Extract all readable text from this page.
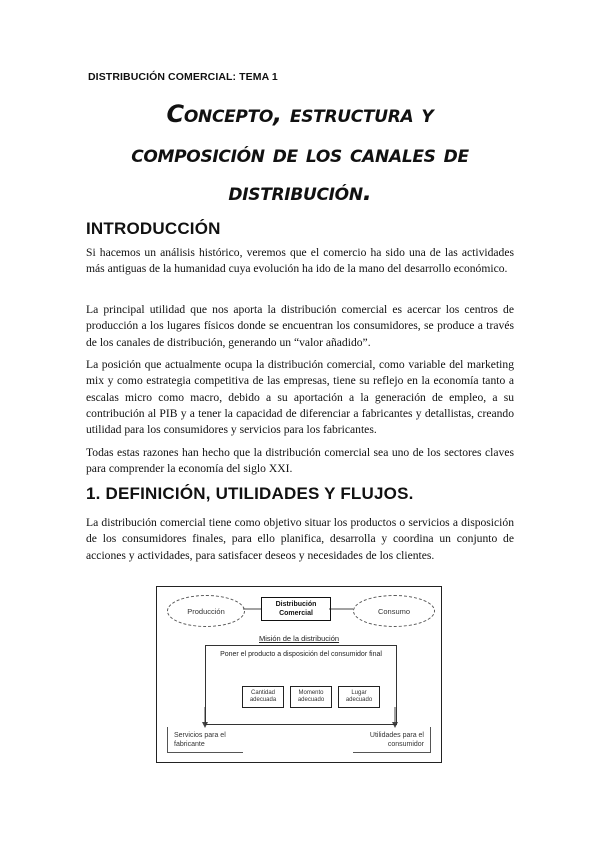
DISTRIBUCIÓN COMERCIAL: TEMA 1
Concepto, estructura y
composición de los canales de
distribución.
INTRODUCCIÓN
Si hacemos un análisis histórico, veremos que el comercio ha sido una de las actividades más antiguas de la humanidad cuya evolución ha ido de la mano del desarrollo económico.
La principal utilidad que nos aporta la distribución comercial es acercar los centros de producción a los lugares físicos donde se encuentran los consumidores, se produce a través de los canales de distribución, generando un “valor añadido”.
La posición que actualmente ocupa la distribución comercial, como variable del marketing mix y como estrategia competitiva de las empresas, tiene su reflejo en la economía tanto a escalas micro como macro, debido a su aportación a la generación de empleo, a su contribución al PIB y a tener la capacidad de diferenciar a fabricantes y detallistas, creando utilidad para los consumidores y servicios para los fabricantes.
Todas estas razones han hecho que la distribución comercial sea uno de los sectores claves para comprender la economía del siglo XXI.
1. DEFINICIÓN, UTILIDADES Y FLUJOS.
La distribución comercial tiene como objetivo situar los productos o servicios a disposición de los consumidores finales, para ello planifica, desarrolla y coordina un conjunto de acciones y actividades, para satisfacer deseos y necesidades de los clientes.
Producción
Distribución Comercial	Consumo
Misión de la distribución
Poner el producto a disposición del consumidor final
Cantidad adecuada
Momento adecuado
Lugar adecuado
Servicios para el fabricante
Utilidades para el consumidor
